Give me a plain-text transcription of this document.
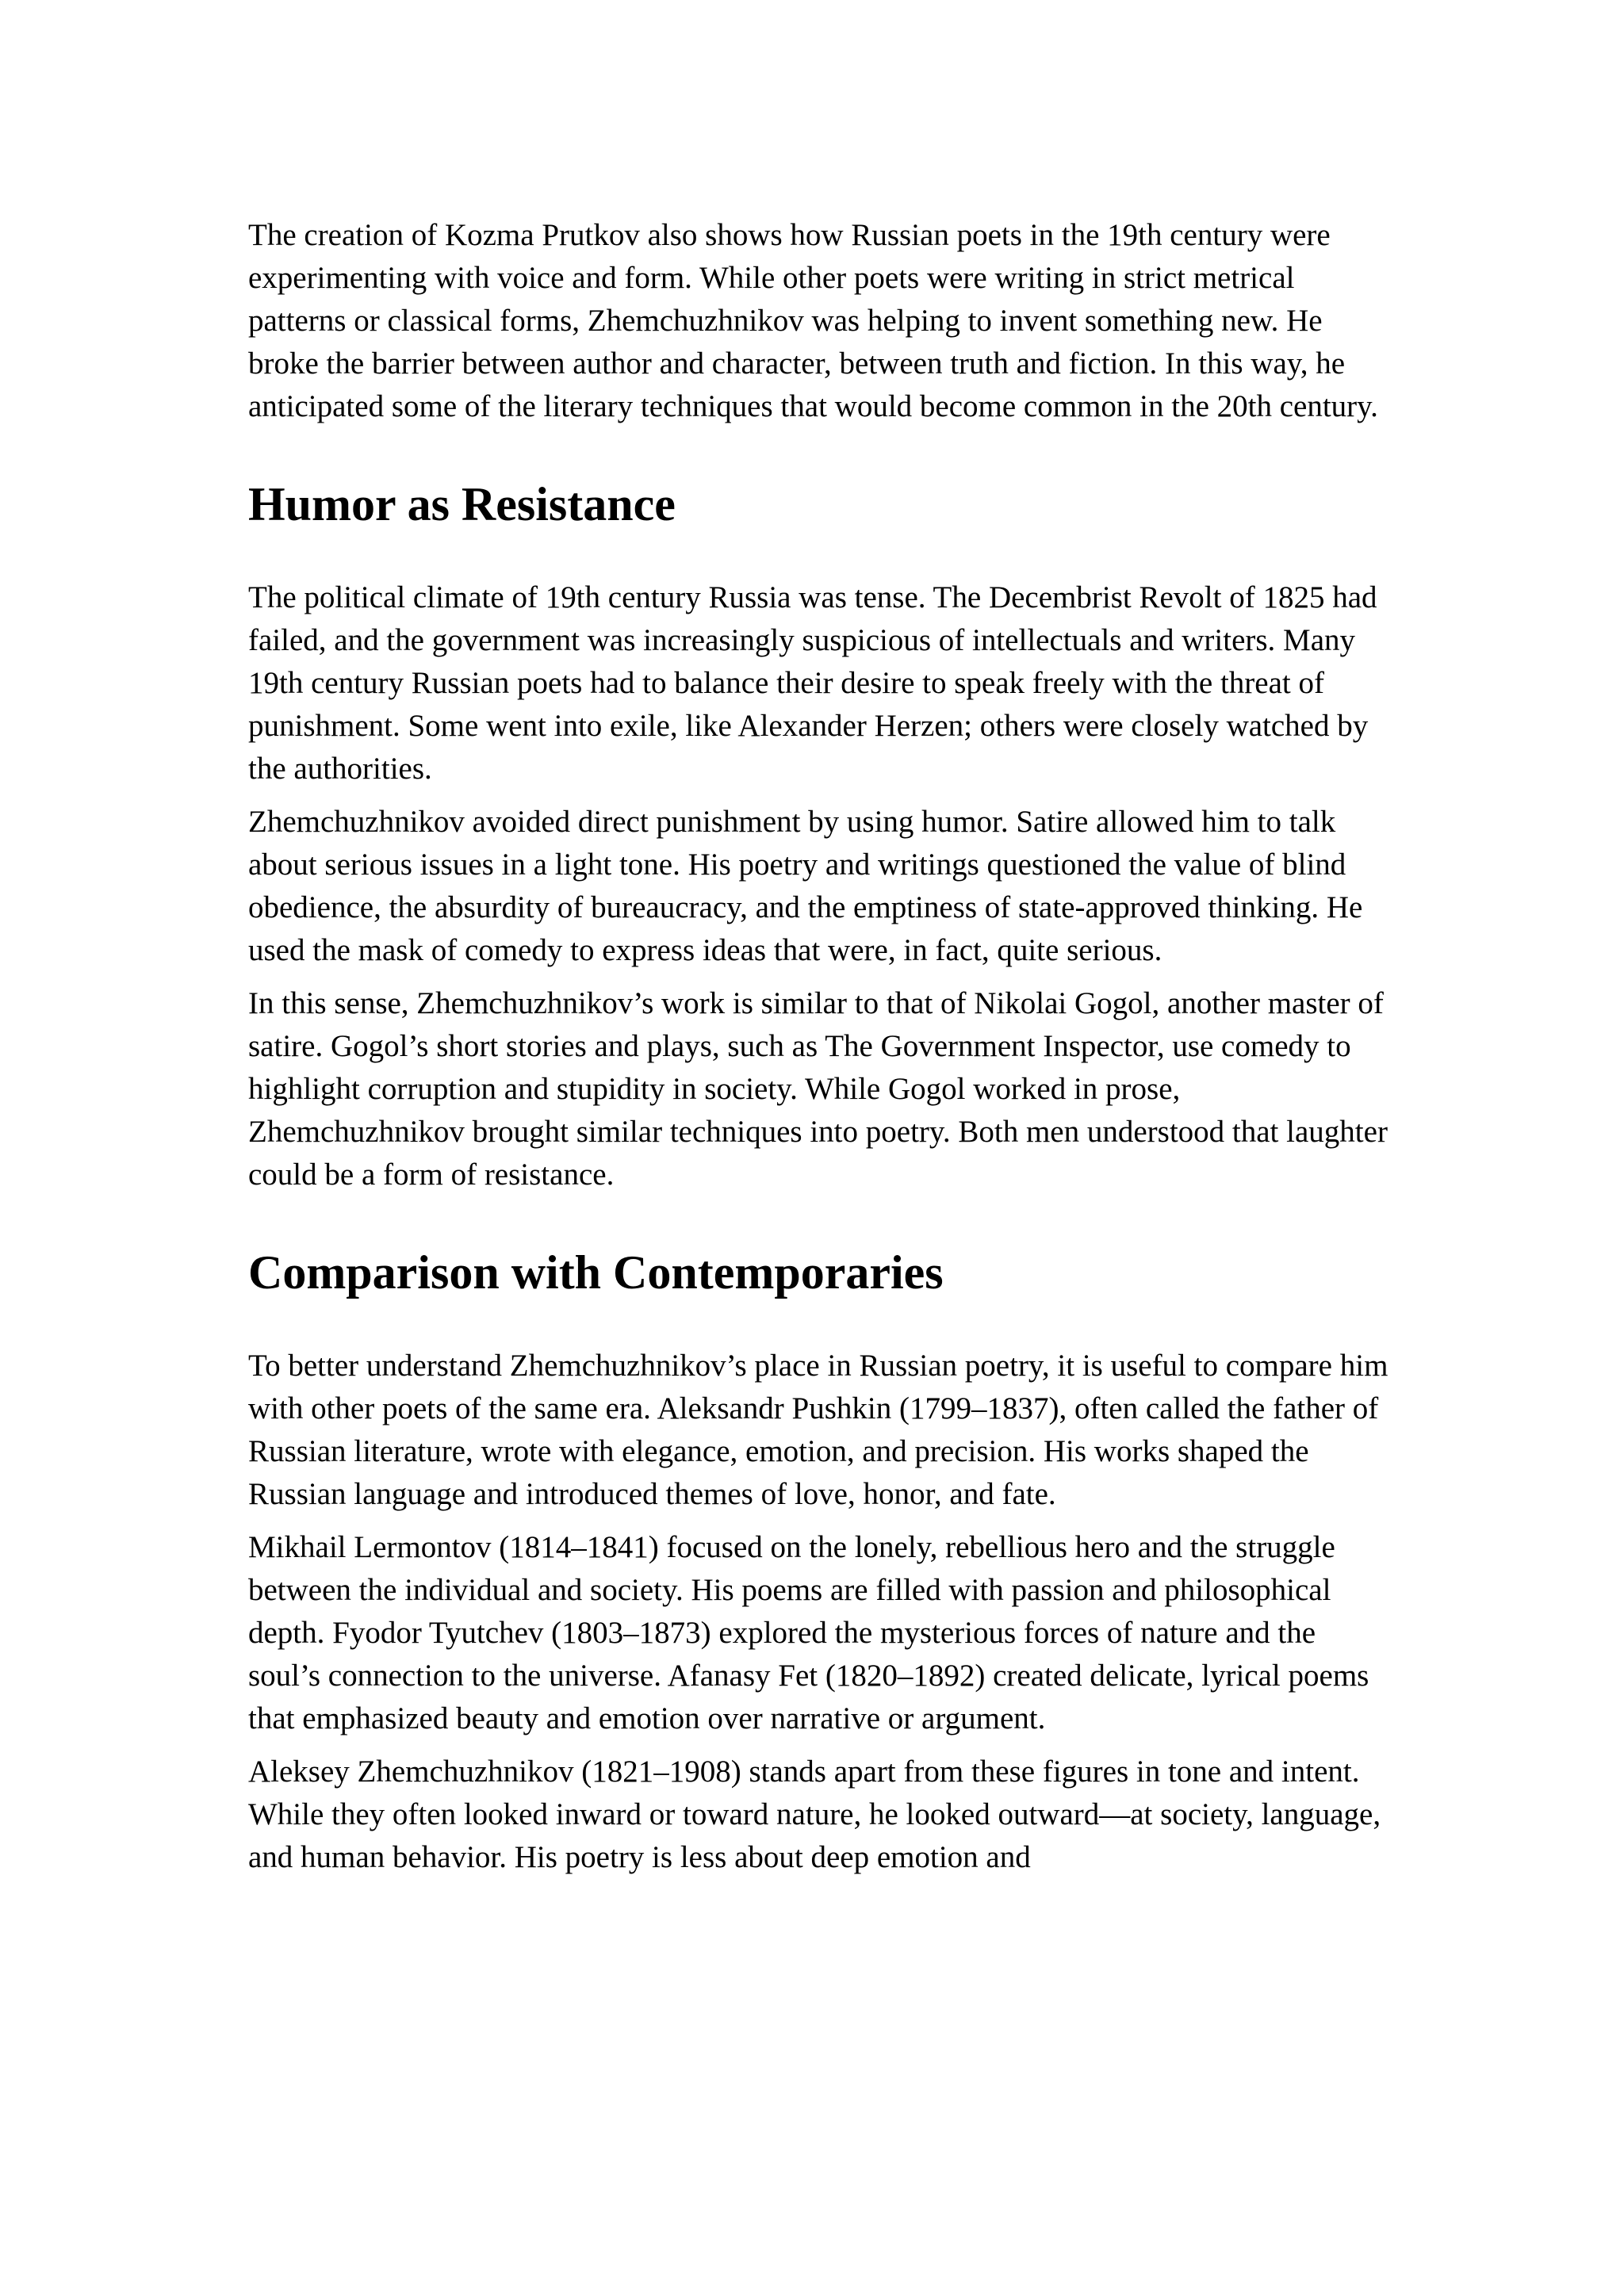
The creation of Kozma Prutkov also shows how Russian poets in the 19th century were experimenting with voice and form. While other poets were writing in strict metrical patterns or classical forms, Zhemchuzhnikov was helping to invent something new. He broke the barrier between author and character, between truth and fiction. In this way, he anticipated some of the literary techniques that would become common in the 20th century.

Humor as Resistance

The political climate of 19th century Russia was tense. The Decembrist Revolt of 1825 had failed, and the government was increasingly suspicious of intellectuals and writers. Many 19th century Russian poets had to balance their desire to speak freely with the threat of punishment. Some went into exile, like Alexander Herzen; others were closely watched by the authorities.

Zhemchuzhnikov avoided direct punishment by using humor. Satire allowed him to talk about serious issues in a light tone. His poetry and writings questioned the value of blind obedience, the absurdity of bureaucracy, and the emptiness of state-approved thinking. He used the mask of comedy to express ideas that were, in fact, quite serious.

In this sense, Zhemchuzhnikov’s work is similar to that of Nikolai Gogol, another master of satire. Gogol’s short stories and plays, such as The Government Inspector, use comedy to highlight corruption and stupidity in society. While Gogol worked in prose, Zhemchuzhnikov brought similar techniques into poetry. Both men understood that laughter could be a form of resistance.

Comparison with Contemporaries

To better understand Zhemchuzhnikov’s place in Russian poetry, it is useful to compare him with other poets of the same era. Aleksandr Pushkin (1799–1837), often called the father of Russian literature, wrote with elegance, emotion, and precision. His works shaped the Russian language and introduced themes of love, honor, and fate.

Mikhail Lermontov (1814–1841) focused on the lonely, rebellious hero and the struggle between the individual and society. His poems are filled with passion and philosophical depth. Fyodor Tyutchev (1803–1873) explored the mysterious forces of nature and the soul’s connection to the universe. Afanasy Fet (1820–1892) created delicate, lyrical poems that emphasized beauty and emotion over narrative or argument.

Aleksey Zhemchuzhnikov (1821–1908) stands apart from these figures in tone and intent. While they often looked inward or toward nature, he looked outward—at society, language, and human behavior. His poetry is less about deep emotion and
